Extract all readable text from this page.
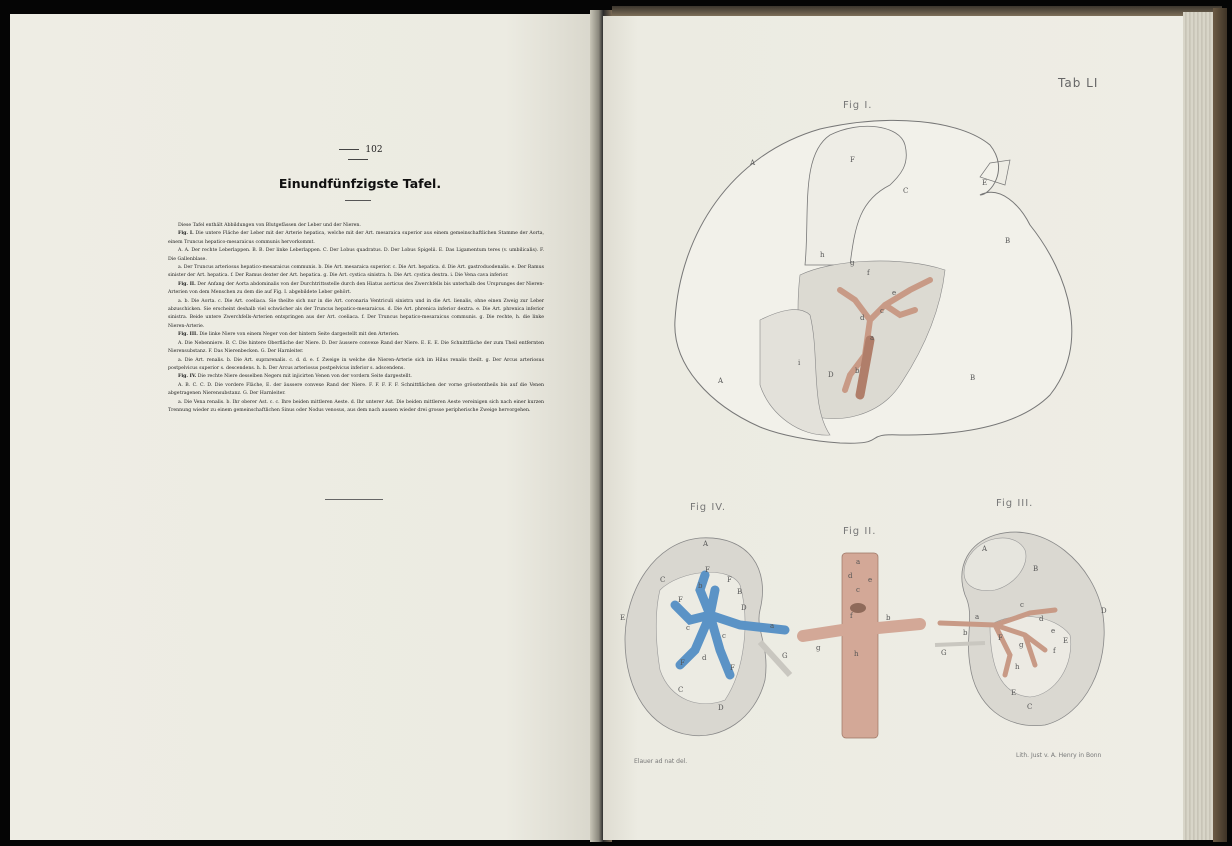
102
Einundfünfzigste Tafel.

Diese Tafel enthält Abbildungen von Blutgefässen der Leber und der Nieren.

Fig. I. Die untere Fläche der Leber mit der Arterie hepatica, welche mit der Art. mesaraica superior aus einem gemeinschaftlichen Stamme der Aorta, einem Truncus hepatico-mesaraicus communis hervorkommt.

A. A. Der rechte Leberlappen. B. B. Der linke Leberlappen. C. Der Lobus quadratus. D. Der Lobus Spigelii. E. Das Ligamentum teres (v. umbilicalis). F. Die Gallenblase.

a. Der Truncus arteriosus hepatico-mesaraicus communis. b. Die Art. mesaraica superior. c. Die Art. hepatica. d. Die Art. gastroduodenalis. e. Der Ramus sinister der Art. hepatica. f. Der Ramus dexter der Art. hepatica. g. Die Art. cystica sinistra. h. Die Art. cystica dextra. i. Die Vena cava inferior.

Fig. II. Der Anfang der Aorta abdominalis von der Durchtrittsstelle durch den Hiatus aorticus des Zwerchfells bis unterhalb des Ursprunges der Nieren-Arterien von dem Menschen zu dem die auf Fig. I. abgebildete Leber gehört.

a. b. Die Aorta. c. Die Art. coeliaca. Sie theilte sich nur in die Art. coronaria Ventriculi sinistra und in die Art. lienalis, ohne einen Zweig zur Leber abzuschicken. Sie erscheint deshalb viel schwächer als der Truncus hepatico-mesaraicus. d. Die Art. phrenica inferior dextra. e. Die Art. phrenica inferior sinistra. Beide untere Zwerchfells-Arterien entspringen aus der Art. coeliaca. f. Der Truncus hepatico-mesaraicus communis. g. Die rechte, h. die linke Nieren-Arterie.

Fig. III. Die linke Niere von einem Neger von der hintern Seite dargestellt mit den Arterien.

A. Die Nebenniere. B. C. Die hintere Oberfläche der Niere. D. Der äussere convexe Rand der Niere. E. E. E. Die Schnittfläche der zum Theil entfernten Nierensubstanz. F. Das Nierenbecken. G. Der Harnleiter.

a. Die Art. renalis. b. Die Art. suprarenalis. c. d. d. e. f. Zweige in welche die Nieren-Arterie sich im Hilus renalis theilt. g. Der Arcus arteriosus postpelvicus superior s. descendens. h. h. Der Arcus arteriosus postpelvicus inferior s. adscendens.

Fig. IV. Die rechte Niere desselben Negers mit injicirten Venen von der vordern Seite dargestellt.

A. B. C. C. D. Die vordere Fläche, E. der äussere convexe Rand der Niere. F. F. F. F. F. Schnittflächen der vorne grösstentheils bis auf die Venen abgetragenen Nierensubstanz. G. Der Harnleiter.

a. Die Vena renalis. b. Ihr oberer Ast. c. c. Ihre beiden mittleren Aeste. d. Ihr unterer Ast. Die beiden mittleren Aeste vereinigen sich nach einer kurzen Trennung wieder zu einem gemeinschaftlichen Sinus oder Nodus venosus, aus dem nach aussen wieder drei grosse peripherische Zweige hervorgehen.

Tab LI
Fig I.
Fig IV.
Fig II.
Fig III.
Elauer ad nat del.
Lith. Just v. A. Henry in Bonn
A	F
C
E
B
B
A
D
i
h
g
f
e
d
a
b
c
A
C
F
F
F
B
D
E
C
F
F
D
G
a
b
c
c
d
a
d e
c
f
h
g
b
A
B
D
C
E
E
F
G
a
b
c
d
e
f
g
h
